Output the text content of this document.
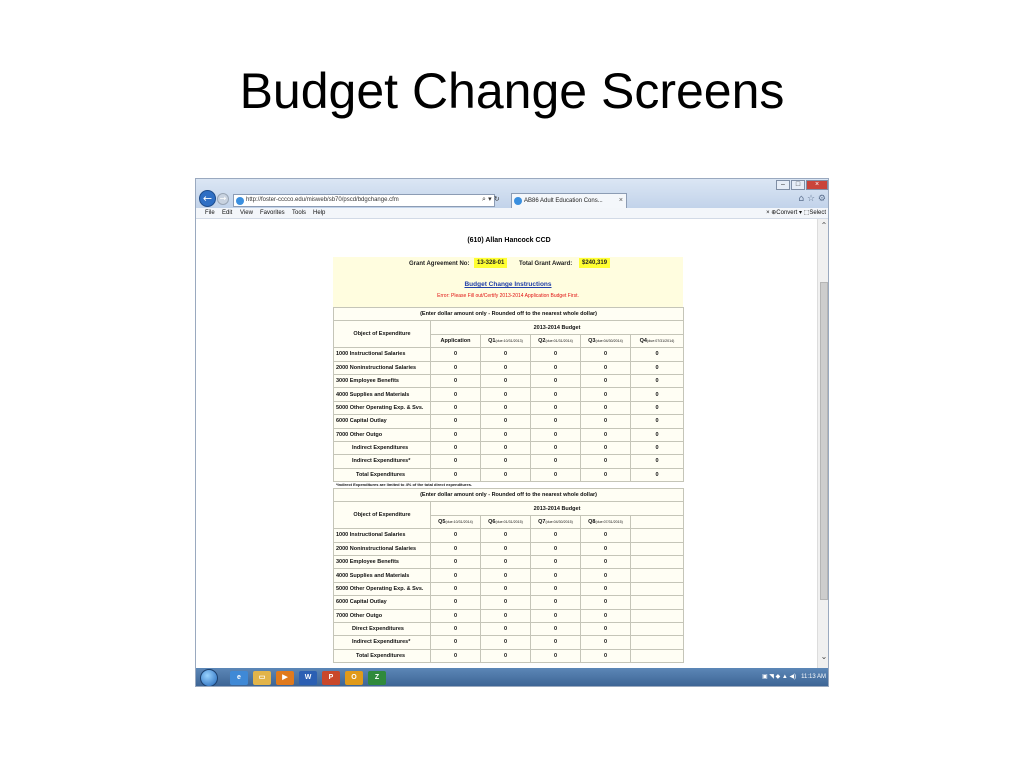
Budget Change Screens
–	□	×
← →	http://foster-cccco.edu/misweb/sb70/pscd/bdgchange.cfm	⌕ ▾ ↻	AB86 Adult Education Cons... ×	⌂ ☆ ⚙
File Edit View Favorites Tools Help	× ⊕Convert ▾ ⬚Select
(610) Allan Hancock CCD
Grant Agreement No:	13-328-01	Total Grant Award:	$240,319
Budget Change Instructions
Error: Please Fill out/Certify 2013-2014 Application Budget First.
(Enter dollar amount only - Rounded off to the nearest whole dollar)					
Object of Expenditure	2013-2014 Budget				
	Application	Q1(due:10/31/2013)	Q2(due:01/31/2014)	Q3(due:04/30/2014)	Q4(due:07/31/2014)
1000 Instructional Salaries	0	0	0	0	0
2000 Noninstructional Salaries	0	0	0	0	0
3000 Employee Benefits	0	0	0	0	0
4000 Supplies and Materials	0	0	0	0	0
5000 Other Operating Exp. & Svs.	0	0	0	0	0
6000 Capital Outlay	0	0	0	0	0
7000 Other Outgo	0	0	0	0	0
Indirect Expenditures	0	0	0	0	0
Indirect Expenditures*	0	0	0	0	0
Total Expenditures	0	0	0	0	0
*Indirect Expenditures are limited to 4% of the total direct expenditures.
(Enter dollar amount only - Rounded off to the nearest whole dollar)					
Object of Expenditure	2013-2014 Budget				
	Q5(due:10/31/2014)	Q6(due:01/31/2015)	Q7(due:04/30/2015)	Q8(due:07/31/2015)	
1000 Instructional Salaries	0	0	0	0	
2000 Noninstructional Salaries	0	0	0	0	
3000 Employee Benefits	0	0	0	0	
4000 Supplies and Materials	0	0	0	0	
5000 Other Operating Exp. & Svs.	0	0	0	0	
6000 Capital Outlay	0	0	0	0	
7000 Other Outgo	0	0	0	0	
Direct Expenditures	0	0	0	0	
Indirect Expenditures*	0	0	0	0	
Total Expenditures	0	0	0	0	
⌃
⌄
e	▭	▶	W	P	O	Z	▣ ◥ ◆ ▲ ◀) 11:13 AM
